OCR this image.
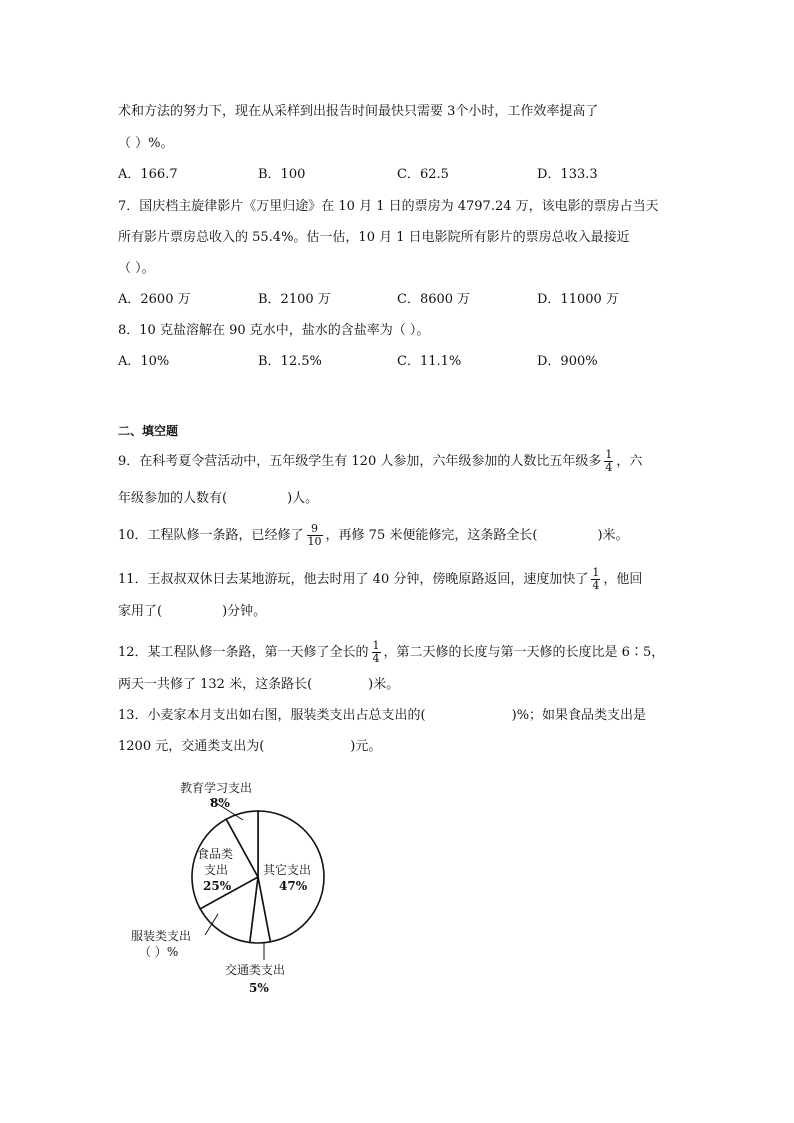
术和方法的努力下，现在从采样到出报告时间最快只需要 3个小时，工作效率提高了
（ ）%。
A．166.7	B．100	C．62.5	D．133.3
7．国庆档主旋律影片《万里归途》在 10 月 1 日的票房为 4797.24 万，该电影的票房占当天
所有影片票房总收入的 55.4%。估一估，10 月 1 日电影院所有影片的票房总收入最接近
（ ）。
A．2600 万	B．2100 万	C．8600 万	D．11000 万
8．10 克盐溶解在 90 克水中，盐水的含盐率为（ ）。
A．10%	B．12.5%	C．11.1%	D．900%
二、填空题
9．在科考夏令营活动中，五年级学生有 120 人参加，六年级参加的人数比五年级多 $\frac{1}{4}$ ，六
年级参加的人数有(	)人。
10．工程队修一条路，已经修了 $\frac{9}{10}$ ，再修 75 米便能修完，这条路全长(	)米。
11．王叔叔双休日去某地游玩，他去时用了 40 分钟，傍晚原路返回，速度加快了 $\frac{1}{4}$ ，他回
家用了(	)分钟。
12．某工程队修一条路，第一天修了全长的 $\frac{1}{4}$ ，第二天修的长度与第一天修的长度比是 6∶5，
两天一共修了 132 米，这条路长(	)米。
13．小麦家本月支出如右图，服装类支出占总支出的(	)%；如果食品类支出是
1200 元，交通类支出为(	)元。
教育学习支出
8%
其它支出
47%
食品类
支出
25%
服装类支出
（ ）%
交通类支出
5%
